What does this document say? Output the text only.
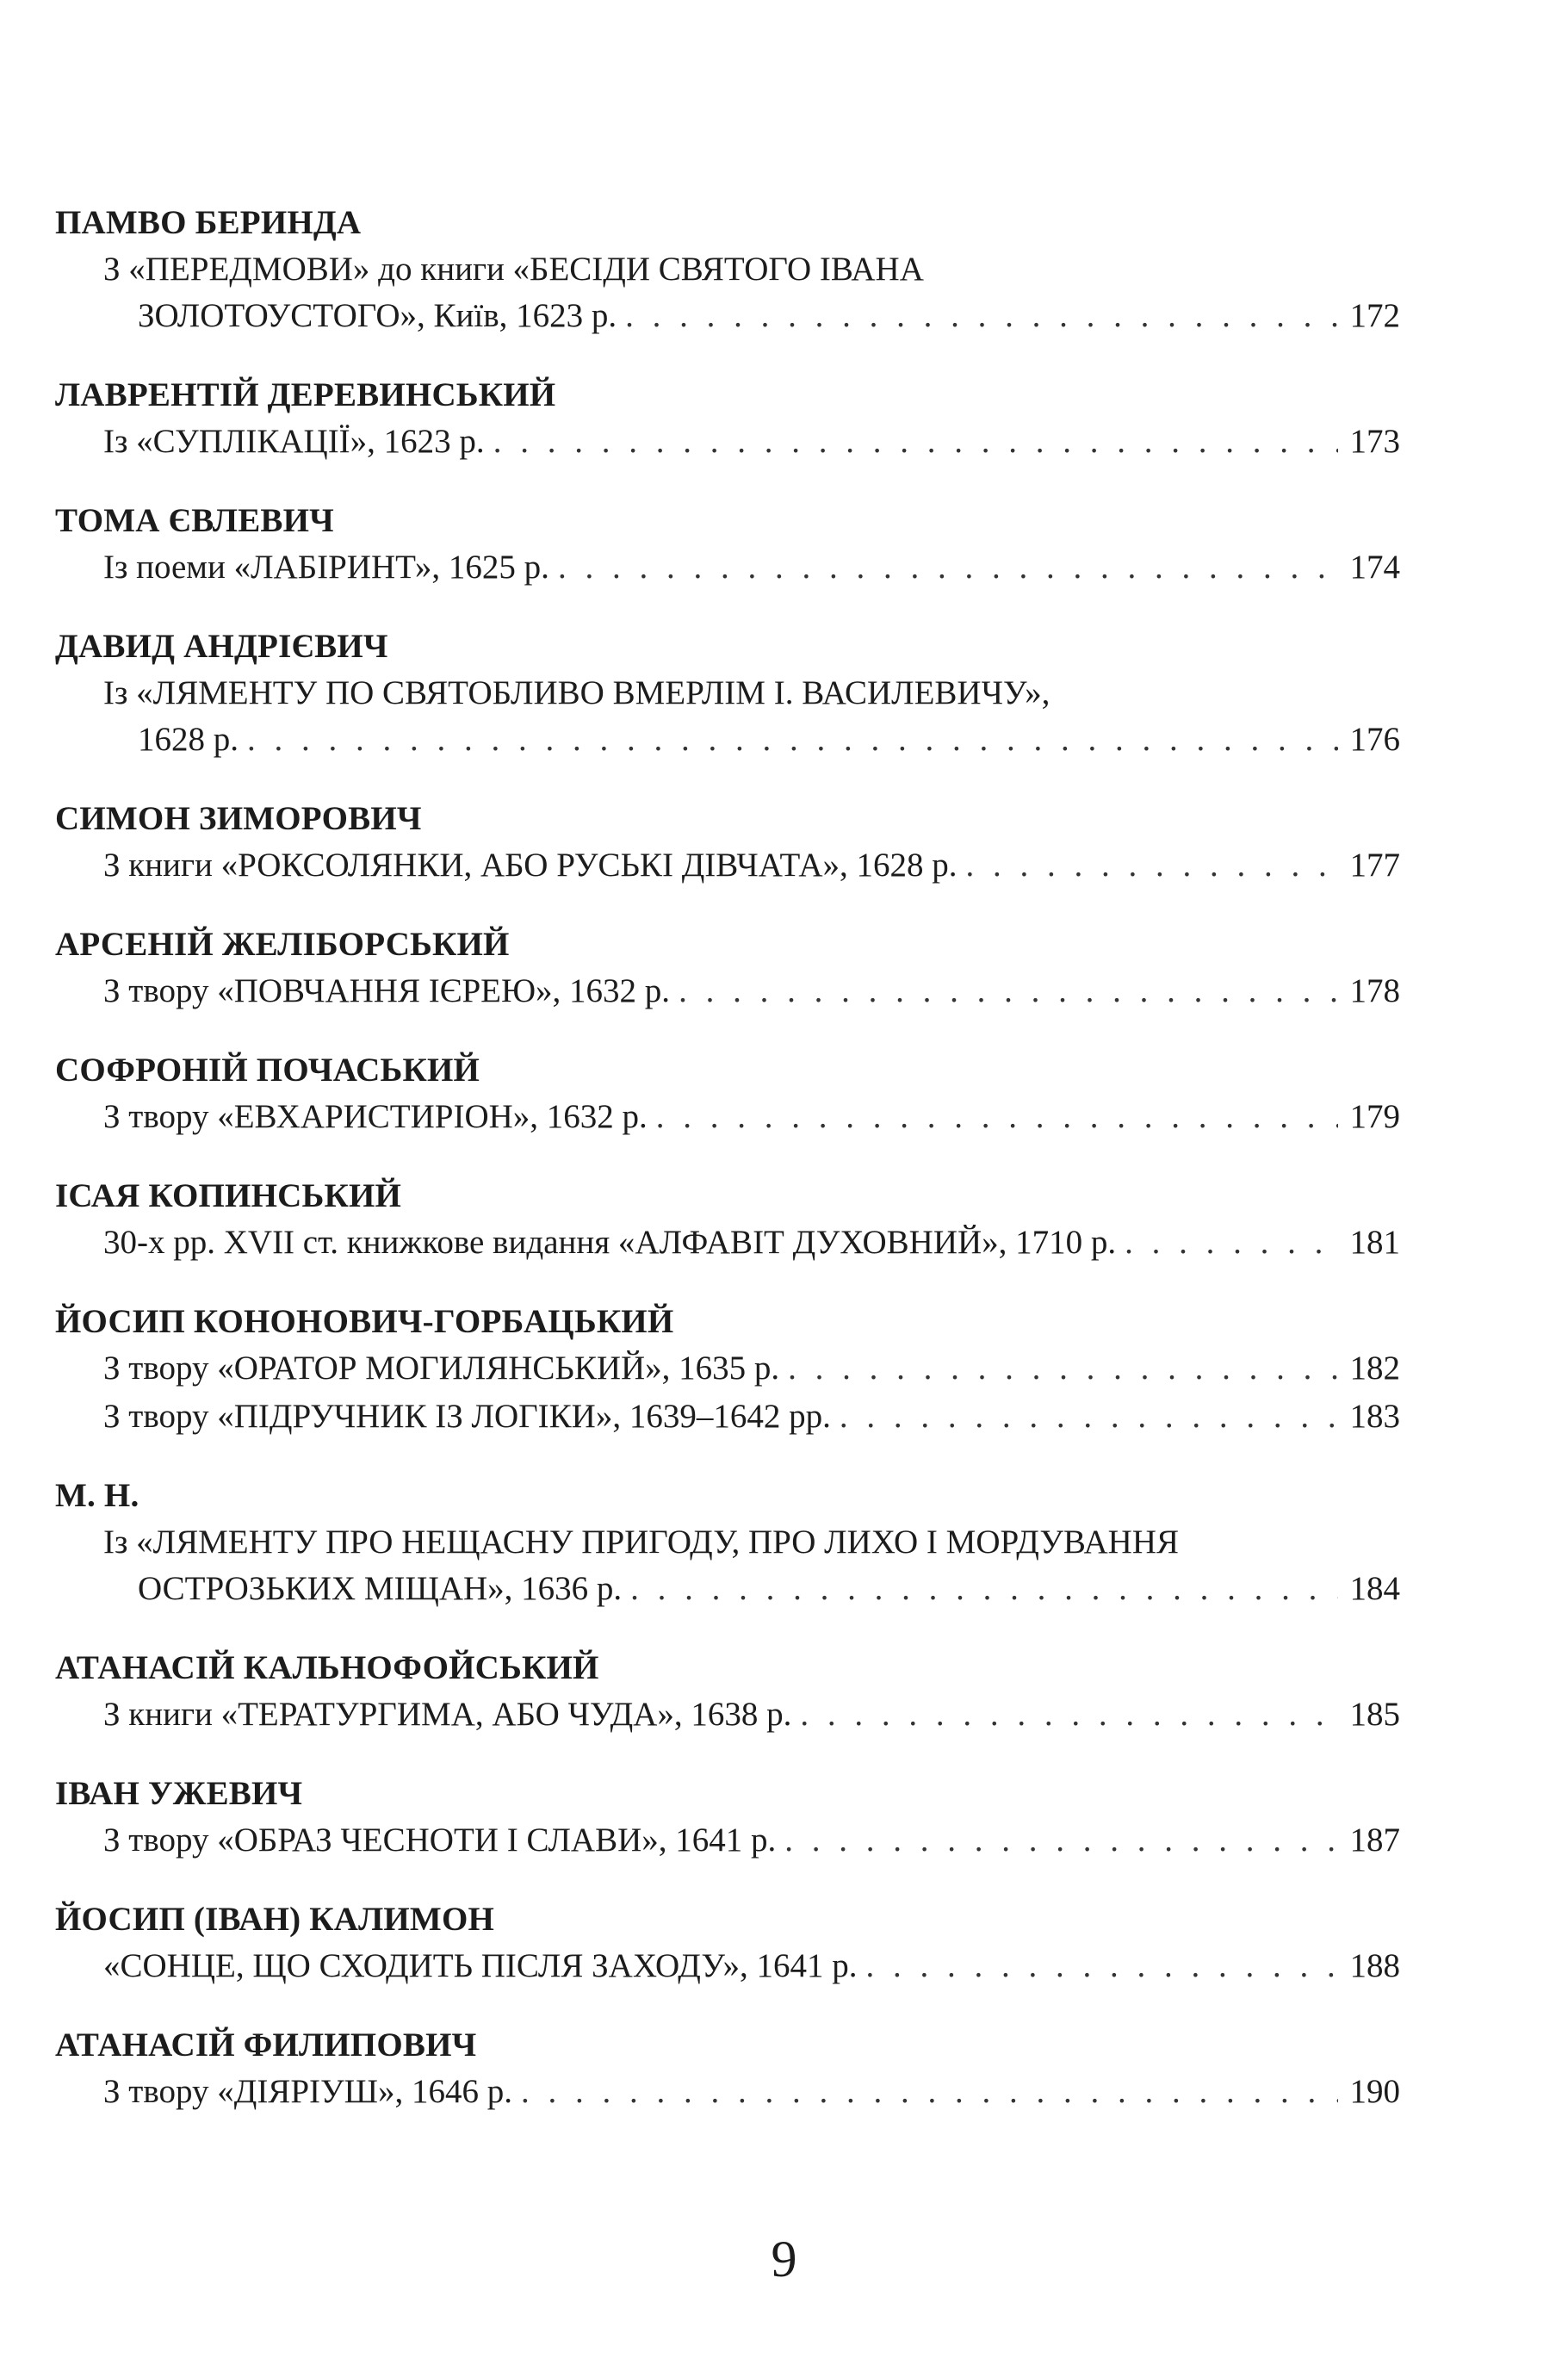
ПАМВО БЕРИНДА
З «ПЕРЕДМОВИ» до книги «БЕСІДИ СВЯТОГО ІВАНА
ЗОЛОТОУСТОГО», Київ, 1623 р. . . .	172
ЛАВРЕНТІЙ ДЕРЕВИНСЬКИЙ
Із «СУПЛІКАЦІЇ», 1623 р. . . .	173
ТОМА ЄВЛЕВИЧ
Із поеми «ЛАБІРИНТ», 1625 р. . . .	174
ДАВИД АНДРІЄВИЧ
Із «ЛЯМЕНТУ ПО СВЯТОБЛИВО ВМЕРЛІМ І. ВАСИЛЕВИЧУ»,
1628 р. . . .	176
СИМОН ЗИМОРОВИЧ
З книги «РОКСОЛЯНКИ, АБО РУСЬКІ ДІВЧАТА», 1628 р. . . .	177
АРСЕНІЙ ЖЕЛІБОРСЬКИЙ
З твору «ПОВЧАННЯ ІЄРЕЮ», 1632 р. . . .	178
СОФРОНІЙ ПОЧАСЬКИЙ
З твору «ЕВХАРИСТИРІОН», 1632 р. . . .	179
ІСАЯ КОПИНСЬКИЙ
30-х рр. XVII ст. книжкове видання «АЛФАВІТ ДУХОВНИЙ», 1710 р. . . .	181
ЙОСИП КОНОНОВИЧ-ГОРБАЦЬКИЙ
З твору «ОРАТОР МОГИЛЯНСЬКИЙ», 1635 р. . . .	182
З твору «ПІДРУЧНИК ІЗ ЛОГІКИ», 1639–1642 рр. . . .	183
М. Н.
Із «ЛЯМЕНТУ ПРО НЕЩАСНУ ПРИГОДУ, ПРО ЛИХО І МОРДУВАННЯ
ОСТРОЗЬКИХ МІЩАН», 1636 р. . . .	184
АТАНАСІЙ КАЛЬНОФОЙСЬКИЙ
З книги «ТЕРАТУРГИМА, АБО ЧУДА», 1638 р. . . .	185
ІВАН УЖЕВИЧ
З твору «ОБРАЗ ЧЕСНОТИ І СЛАВИ», 1641 р. . . .	187
ЙОСИП (ІВАН) КАЛИМОН
«СОНЦЕ, ЩО СХОДИТЬ ПІСЛЯ ЗАХОДУ», 1641 р. . . .	188
АТАНАСІЙ ФИЛИПОВИЧ
З твору «ДІЯРІУШ», 1646 р. . . .	190
9
